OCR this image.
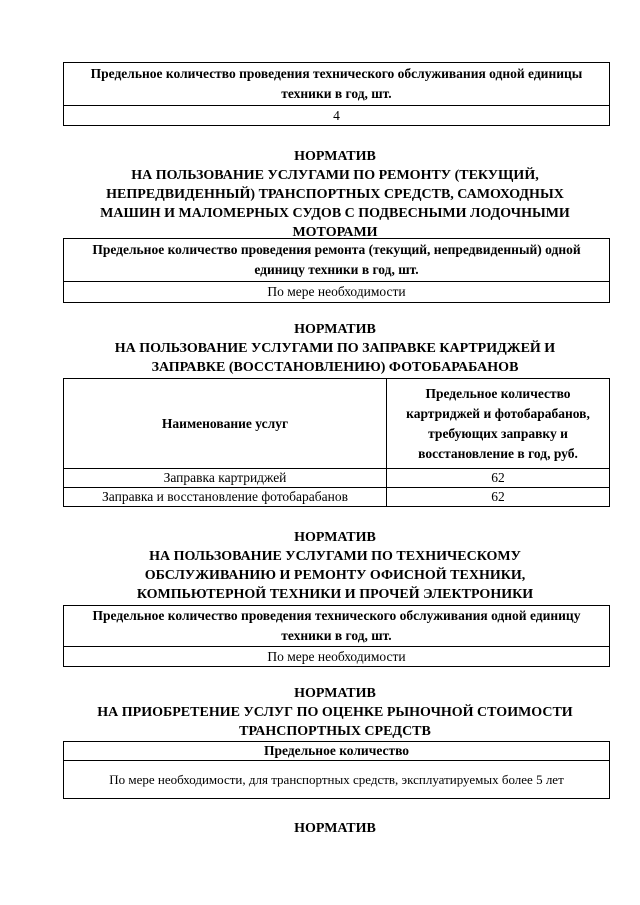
Предельное количество проведения технического обслуживания одной единицы техники в год, шт.
4
НОРМАТИВ
НА ПОЛЬЗОВАНИЕ УСЛУГАМИ ПО РЕМОНТУ (ТЕКУЩИЙ,
НЕПРЕДВИДЕННЫЙ) ТРАНСПОРТНЫХ СРЕДСТВ, САМОХОДНЫХ
МАШИН И МАЛОМЕРНЫХ СУДОВ С ПОДВЕСНЫМИ ЛОДОЧНЫМИ
МОТОРАМИ
Предельное количество проведения ремонта (текущий, непредвиденный) одной единицу техники в год, шт.
По мере необходимости
НОРМАТИВ
НА ПОЛЬЗОВАНИЕ УСЛУГАМИ ПО ЗАПРАВКЕ КАРТРИДЖЕЙ И
ЗАПРАВКЕ (ВОССТАНОВЛЕНИЮ) ФОТОБАРАБАНОВ
Наименование услуг	Предельное количество картриджей и фотобарабанов, требующих заправку и восстановление в год, руб.
Заправка картриджей	62
Заправка и восстановление фотобарабанов	62
НОРМАТИВ
НА ПОЛЬЗОВАНИЕ УСЛУГАМИ ПО ТЕХНИЧЕСКОМУ
ОБСЛУЖИВАНИЮ И РЕМОНТУ ОФИСНОЙ ТЕХНИКИ,
КОМПЬЮТЕРНОЙ ТЕХНИКИ И ПРОЧЕЙ ЭЛЕКТРОНИКИ
Предельное количество проведения технического обслуживания одной единицу техники в год, шт.
По мере необходимости
НОРМАТИВ
НА ПРИОБРЕТЕНИЕ УСЛУГ ПО ОЦЕНКЕ РЫНОЧНОЙ СТОИМОСТИ
ТРАНСПОРТНЫХ СРЕДСТВ
Предельное количество
По мере необходимости, для транспортных средств, эксплуатируемых более 5 лет
НОРМАТИВ
